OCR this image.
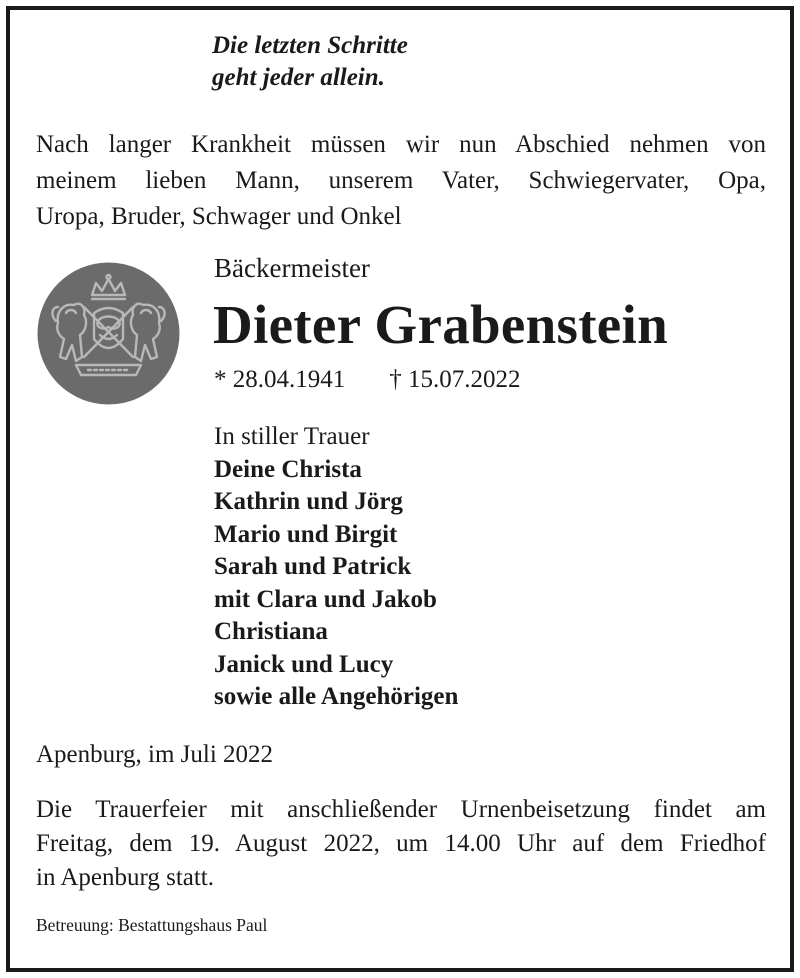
Die letzten Schritte
geht jeder allein.

Nach langer Krankheit müssen wir nun Abschied nehmen von
meinem lieben Mann, unserem Vater, Schwiegervater, Opa,
Uropa, Bruder, Schwager und Onkel

Bäckermeister

Dieter Grabenstein

* 28.04.1941 † 15.07.2022

In stiller Trauer
Deine Christa
Kathrin und Jörg
Mario und Birgit
Sarah und Patrick
mit Clara und Jakob
Christiana
Janick und Lucy
sowie alle Angehörigen

Apenburg, im Juli 2022

Die Trauerfeier mit anschließender Urnenbeisetzung findet am
Freitag, dem 19. August 2022, um 14.00 Uhr auf dem Friedhof
in Apenburg statt.

Betreuung: Bestattungshaus Paul
